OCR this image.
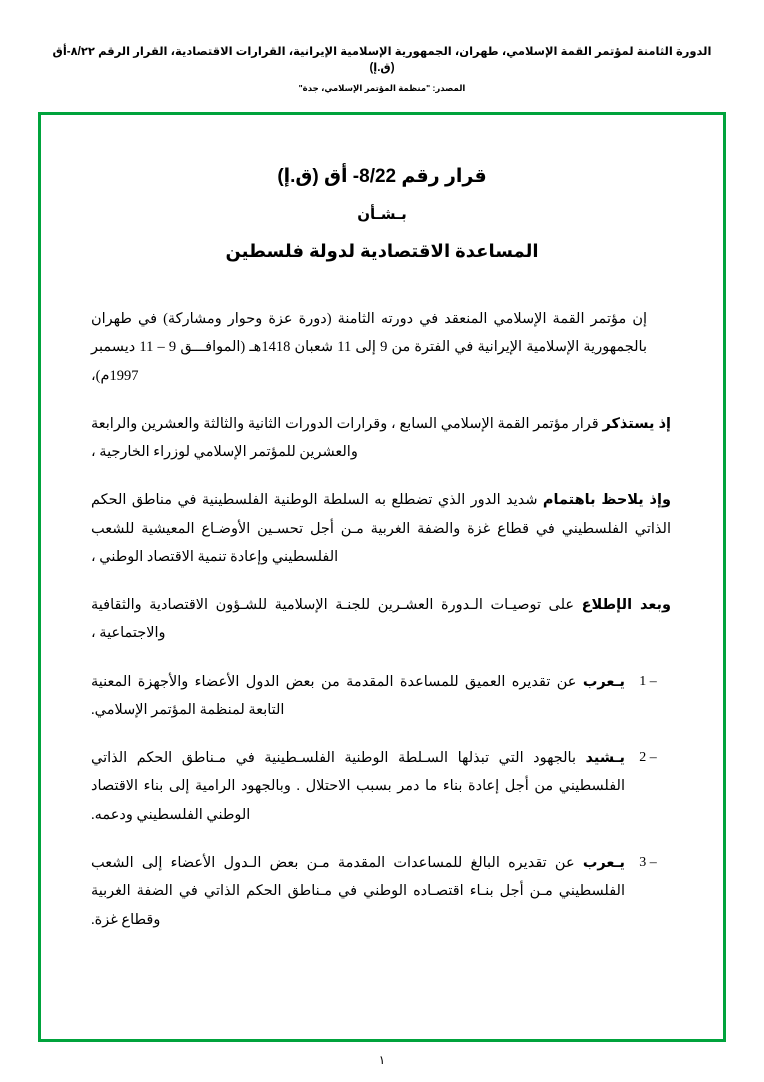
الدورة الثامنة لمؤتمر القمة الإسلامي، طهران، الجمهورية الإسلامية الإيرانية، القرارات الاقتصادية، القرار الرقم ٨/٢٢-أق (ق.إ)
المصدر: "منظمة المؤتمر الإسلامي، جدة"
قرار رقم 8/22- أق (ق.إ)
بـشـأن
المساعدة الاقتصادية لدولة فلسطين

إن مؤتمر القمة الإسلامي المنعقد في دورته الثامنة (دورة عزة وحوار ومشاركة) في طهران بالجمهورية الإسلامية الإيرانية في الفترة من 9 إلى 11 شعبان 1418هـ (الموافـــق 9 – 11 ديسمبر 1997م)،

إذ يستذكر قرار مؤتمر القمة الإسلامي السابع ، وقرارات الدورات الثانية والثالثة والعشرين والرابعة والعشرين للمؤتمر الإسلامي لوزراء الخارجية ،

وإذ يلاحظ باهتمام شديد الدور الذي تضطلع به السلطة الوطنية الفلسطينية في مناطق الحكم الذاتي الفلسطيني في قطاع غزة والضفة الغربية مـن أجل تحسـين الأوضـاع المعيشية للشعب الفلسطيني وإعادة تنمية الاقتصاد الوطني ،

وبعد الإطلاع على توصيـات الـدورة العشـرين للجنـة الإسلامية للشـؤون الاقتصادية والثقافية والاجتماعية ،

1 –
يـعرب عن تقديره العميق للمساعدة المقدمة من بعض الدول الأعضاء والأجهزة المعنية التابعة لمنظمة المؤتمر الإسلامي.
2 –
يـشيد بالجهود التي تبذلها السـلطة الوطنية الفلسـطينية في مـناطق الحكم الذاتي الفلسطيني من أجل إعادة بناء ما دمر بسبب الاحتلال . وبالجهود الرامية إلى بناء الاقتصاد الوطني الفلسطيني ودعمه.
3 –
يـعرب عن تقديره البالغ للمساعدات المقدمة مـن بعض الـدول الأعضاء إلى الشعب الفلسطيني مـن أجل بنـاء اقتصـاده الوطني في مـناطق الحكم الذاتي في الضفة الغربية وقطاع غزة.
١
